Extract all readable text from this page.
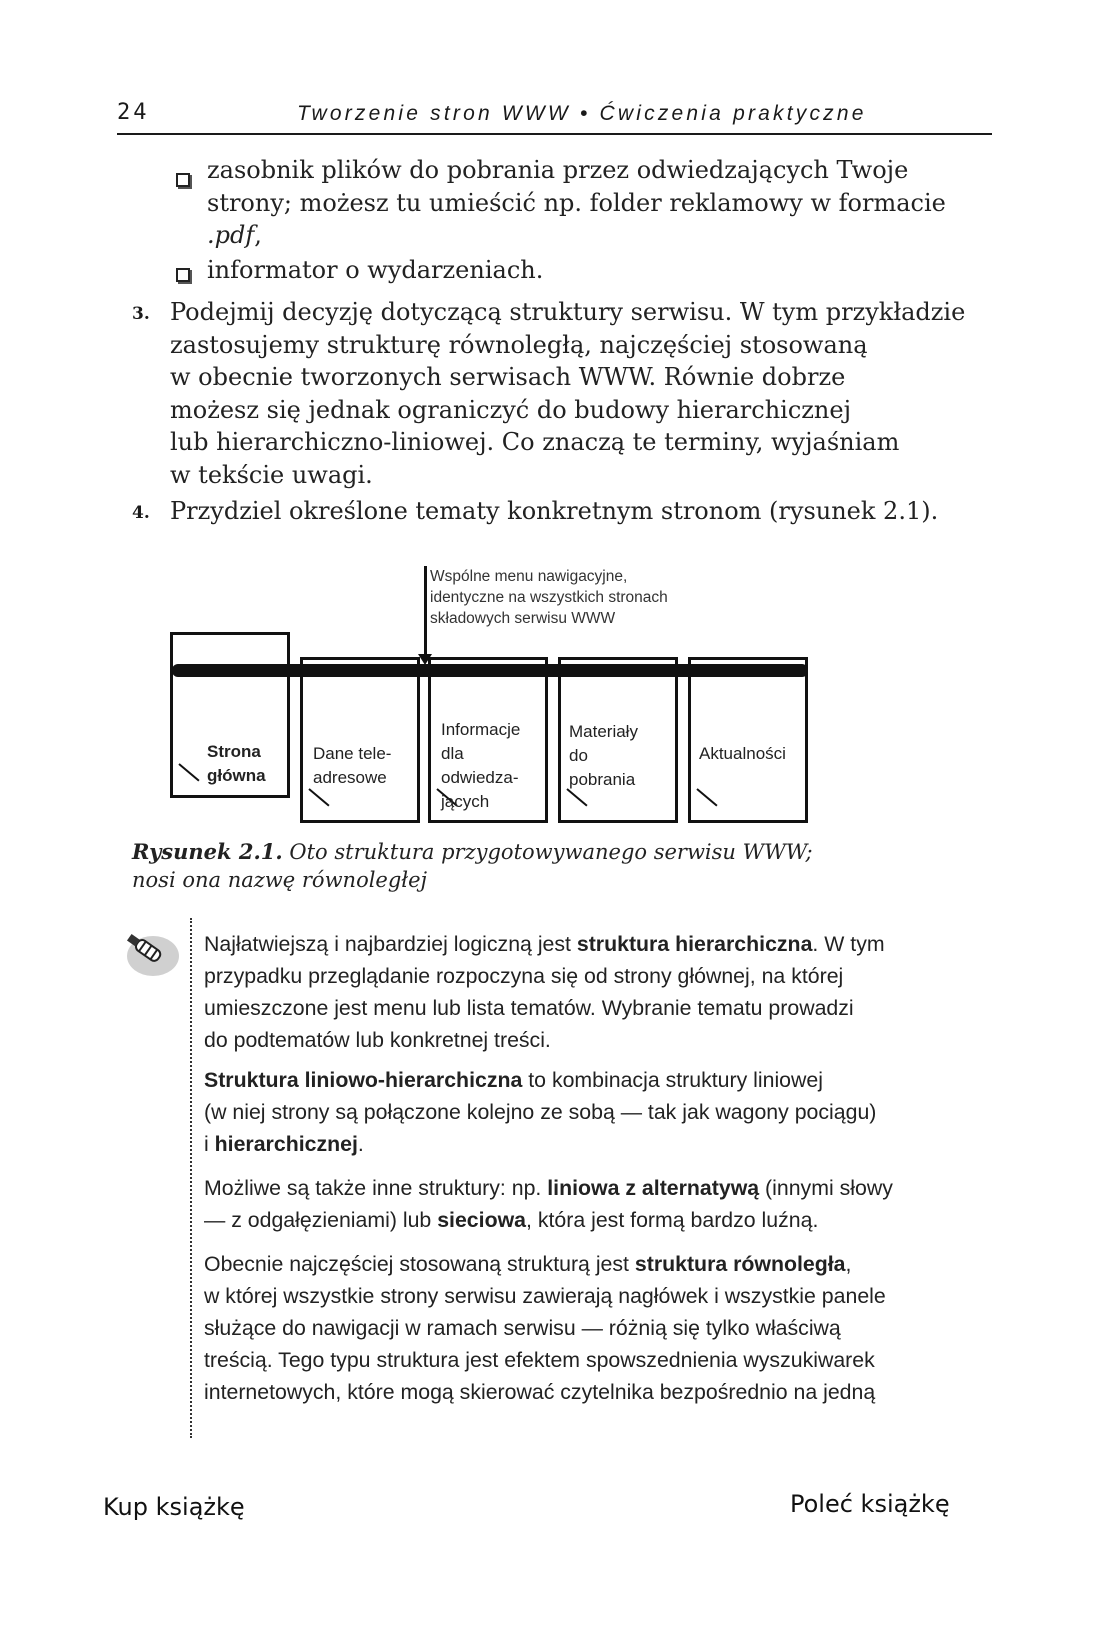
24	Tworzenie stron WWW • Ćwiczenia praktyczne
zasobnik plików do pobrania przez odwiedzających Twoje
strony; możesz tu umieścić np. folder reklamowy w formacie
.pdf,
informator o wydarzeniach.
3. Podejmij decyzję dotyczącą struktury serwisu. W tym przykładzie
zastosujemy strukturę równoległą, najczęściej stosowaną
w obecnie tworzonych serwisach WWW. Równie dobrze
możesz się jednak ograniczyć do budowy hierarchicznej
lub hierarchiczno-liniowej. Co znaczą te terminy, wyjaśniam
w tekście uwagi.
4. Przydziel określone tematy konkretnym stronom (rysunek 2.1).
Strona
główna
Dane tele-
adresowe
Informacje
dla
odwiedza-
jących
Materiały
do
pobrania
Aktualności
Wspólne menu nawigacyjne,
identyczne na wszystkich stronach
składowych serwisu WWW
Rysunek 2.1. Oto struktura przygotowywanego serwisu WWW;
nosi ona nazwę równoległej
Najłatwiejszą i najbardziej logiczną jest struktura hierarchiczna. W tym
przypadku przeglądanie rozpoczyna się od strony głównej, na której
umieszczone jest menu lub lista tematów. Wybranie tematu prowadzi
do podtematów lub konkretnej treści.
Struktura liniowo-hierarchiczna to kombinacja struktury liniowej
(w niej strony są połączone kolejno ze sobą — tak jak wagony pociągu)
i hierarchicznej.
Możliwe są także inne struktury: np. liniowa z alternatywą (innymi słowy
— z odgałęzieniami) lub sieciowa, która jest formą bardzo luźną.
Obecnie najczęściej stosowaną strukturą jest struktura równoległa,
w której wszystkie strony serwisu zawierają nagłówek i wszystkie panele
służące do nawigacji w ramach serwisu — różnią się tylko właściwą
treścią. Tego typu struktura jest efektem spowszednienia wyszukiwarek
internetowych, które mogą skierować czytelnika bezpośrednio na jedną
Kup książkę	Poleć książkę
